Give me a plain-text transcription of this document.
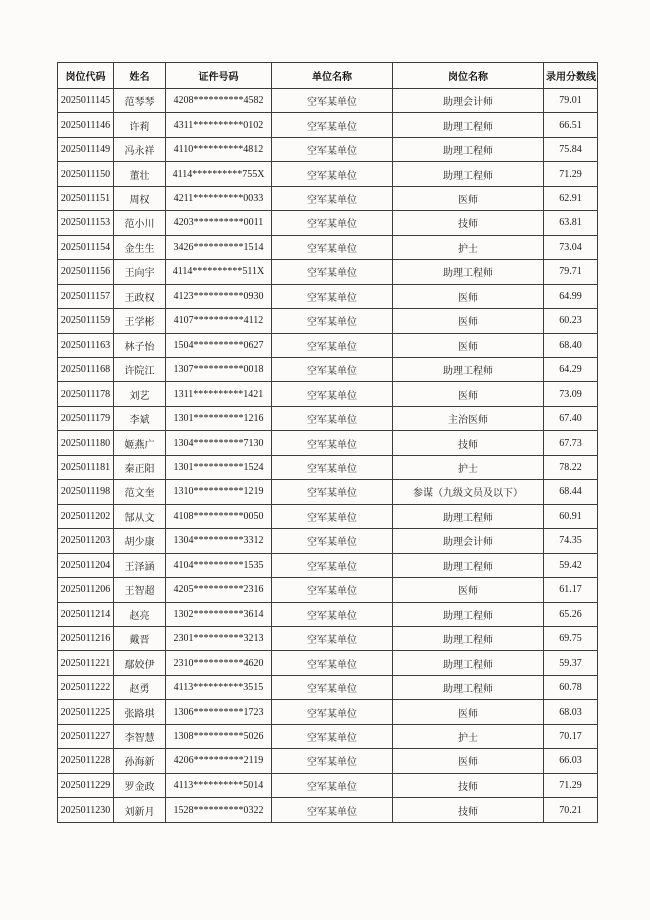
岗位代码	姓名	证件号码	单位名称	岗位名称	录用分数线
2025011145	范琴琴	4208**********4582	空军某单位	助理会计师	79.01
2025011146	许莉	4311**********0102	空军某单位	助理工程师	66.51
2025011149	冯永祥	4110**********4812	空军某单位	助理工程师	75.84
2025011150	董壮	4114**********755X	空军某单位	助理工程师	71.29
2025011151	周权	4211**********0033	空军某单位	医师	62.91
2025011153	范小川	4203**********0011	空军某单位	技师	63.81
2025011154	金生生	3426**********1514	空军某单位	护士	73.04
2025011156	王向宇	4114**********511X	空军某单位	助理工程师	79.71
2025011157	王政权	4123**********0930	空军某单位	医师	64.99
2025011159	王学彬	4107**********4112	空军某单位	医师	60.23
2025011163	林子怡	1504**********0627	空军某单位	医师	68.40
2025011168	许院江	1307**********0018	空军某单位	助理工程师	64.29
2025011178	刘艺	1311**********1421	空军某单位	医师	73.09
2025011179	李斌	1301**********1216	空军某单位	主治医师	67.40
2025011180	姬燕广	1304**********7130	空军某单位	技师	67.73
2025011181	秦正阳	1301**********1524	空军某单位	护士	78.22
2025011198	范文奎	1310**********1219	空军某单位	参谋（九级文员及以下）	68.44
2025011202	郜从文	4108**********0050	空军某单位	助理工程师	60.91
2025011203	胡少康	1304**********3312	空军某单位	助理会计师	74.35
2025011204	王泽涵	4104**********1535	空军某单位	助理工程师	59.42
2025011206	王智超	4205**********2316	空军某单位	医师	61.17
2025011214	赵亮	1302**********3614	空军某单位	助理工程师	65.26
2025011216	戴晋	2301**********3213	空军某单位	助理工程师	69.75
2025011221	鄢姣伊	2310**********4620	空军某单位	助理工程师	59.37
2025011222	赵勇	4113**********3515	空军某单位	助理工程师	60.78
2025011225	张路琪	1306**********1723	空军某单位	医师	68.03
2025011227	李智慧	1308**********5026	空军某单位	护士	70.17
2025011228	孙海新	4206**********2119	空军某单位	医师	66.03
2025011229	罗金政	4113**********5014	空军某单位	技师	71.29
2025011230	刘新月	1528**********0322	空军某单位	技师	70.21
